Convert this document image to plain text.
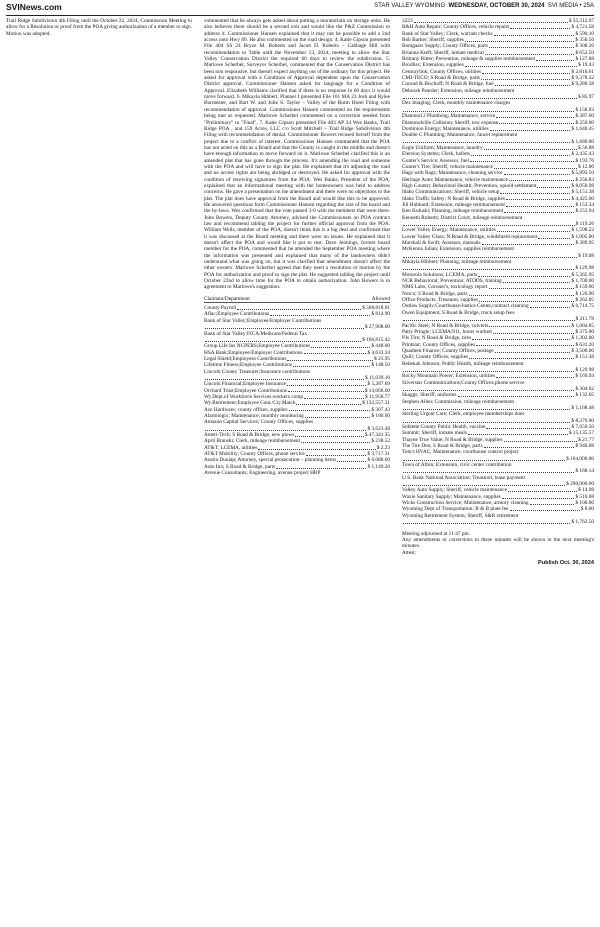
SVINews.com	STAR VALLEY WYOMING WEDNESDAY, OCTOBER 30, 2024 SVI MEDIA • 25A

Trail Ridge Subdivision 4th Filing until the October 22, 2024, Commission Meeting to allow for a Resolution or proof from the POA giving authorization of a member to sign. Motion was adopted.

commented that he always gets asked about putting a moratorium on storage units. He also believes there should be a second exit and would like the P&Z Commission to address it. Commissioner Hansen explained that it may not be possible to add a 2nd access onto Hwy 89. He also commented on the road design. 4. Katie Gipson presented File 404 SS 24 Bryce M. Roberts and Jacob D. Roberts – Cabbage Hill with recommendation to Table until the November 13, 2024, meeting to allow the Star Valley Conservation District the required 60 days to review the subdivision. 5. Marlowe Scherbel, Surveyor Scherbel, commented that the Conservation District has been non responsive, but doesn't expect anything out of the ordinary for this project. He asked for approval with a Condition of Approval dependent upon the Conservation District approval. Commissioner Hansen asked for language for a Condition of Approval. Elizabeth Williams clarified that if there is no response in 60 days it would move forward. 6. Mikayla Hibbert, Planner I presented File 101 MA 23 Josh and Rylee Burmester, and Bart W. and Julie S. Taylor – Valley of the Burm Hotel Filing with recommendation of approval. Commissioner Hansen commented on the requirements being met as requested. Marlowe Scherbel commented on a correction needed from "Preliminary" to "Final". 7. Katie Gipson presented File 403 AP 24 Wes Banks, Trail Ridge POA , and 159 Acres, LLC c/o Scott Mitchell – Trail Ridge Subdivision 4th Filing with recommendation of denial. Commissioner Bowers recused herself from the project due to a conflict of interest. Commissioner Hansen commented that the POA has not acted on this as a Board and that the County is caught in the middle and doesn't have enough information to move forward on it. Marlowe Scherbel clarified this is an amended plat that has gone through the process. It's amending the road and someone with the POA and will have to sign the plat. He explained that it's adjusting the road and no access rights are being abridged or destroyed. He asked for approval with the condition of receiving signatures from the POA. Wes Banks, President of the POA, explained that an informational meeting with the homeowners was held to address concerns. He gave a presentation on the amendment and there were no objections to the plat. The plat does have approval from the Board and would like this to be approved. He answered questions form Commissioner Hansen regarding the size of the board and the by-laws. Wes confirmed that the vote passed 3-0 with the members that were there. John Bowers, Deputy County Attorney, advised the Commissioners on POA contract law and recommend tabling the project for further official approval from the POA. William Wells, member of the POA, doesn't think this is a big deal and confirmed that it was discussed at the Board meeting and there were no issues. He explained that it doesn't affect the POA and would like it put to rest. Dave Jennings, former board member for the POA, commented that he attended the September POA meeting where the information was presented and explained that many of the landowners didn't understand what was going on, but it was clarified that amendment doesn't affect the other owners. Marlowe Scherbel agreed that they need a resolution or motion by the POA for authorization and proof to sign the plat. He suggested tabling the project until October 22nd to allow time for the POA to obtain authorization. John Bowers is in agreement to Marlowe's suggestion.

Claimant/Department	Allowed
County Payroll	$ 568,818.61
Aflac;Employee Contributions	$ 814.90
Bank of Star Valley;Employee/Employer Contributions
$ 27,908.00
Bank of Star Valley;FICA/Medicare/Federal Tax
$ 166,815.42
Group Life Ins NCPERS;Employee Contributions	$ 448.00
HSA Bank;Employee/Employer Contributions	$ 4,633.34
Legal Shield;Employees Contributions	$ 21.95
Lifetime Fitness;Employee Contributions	$ 148.50
Lincoln County Treasurer;Insurance contributions
$ 11,039.16
Lincoln Financial;Employee Insurance	$ 5,287.69
Orchard Trust;Employee Contributions	$ 13,066.00
Wy.Dept.of Workforce Services;workers comp	$ 11,958.77
Wy.Retirement;Employee Cont./Cty.Match	$ 132,557.31
Ace Hardware; county offices, supplies	$ 307.43
Alarmlogix; Maintenance, monthly monitoring	$ 180.00
Amazon Capital Services; County Offices, supplies
$ 3,623.48
Ameri-Tech; S Road & Bridge, new plows	$ 47,341.35
April Branski; Clerk, mileage reimbursement	$ 238.52
AT&T; LCEMA, utilities	$ 2.23
AT&T Mobility; County Offices, phone service	$ 3,717.31
Austin Dunlap; Attorney, special prosecution – planning items	$ 6,080.00
Auto Inn; S Road & Bridge, parts	$ 1,149.20
Avenue Consultants; Engineering, avenue project HRP
3223	$ 35,312.07
B&H Auto Repair; County Offices, vehicle repairs	$ 4,721.58
Bank of Star Valley; Clerk, warrant checks	$ 590.10
Bob Barker; Sheriff, supplies	$ 350.56
Bomgaars Supply; County Offices, parts	$ 308.26
Brianna Kreft; Sheriff, inmate medical	$ 652.50
Brittany Ritter; Prevention, mileage & supplies reimbursement	$ 127.88
Brodliss; Extension, supplies	$ 19.43
Centurylink; County Offices, utilities	$ 2,816.61
CMI-TECO; S Road & Bridge, parts	$ 9,378.32
Conrad & Bischoff; N Road & Bridge, fuel	$ 9,280.58
Deborah Pearder; Extension, mileage reimbursement
$ 85.97
Dex Imaging; Clerk, monthly maintenance charges
$ 158.83
Diamond 2 Plumbing; Maintenance, service	$ 387.00
Diamondville Collision; Sheriff, tow expense	$ 250.00
Dominion Energy; Maintenance, utilities	$ 1,640.45
Double C Plumbing; Maintenance, faucet replacement
$ 1,680.00
Eagle Uniform; Maintenance, laundry	$ 56.88
Election Systems; Clerk, ballots	$ 2,435.43
Gunter's Service; Assessor, fuel	$ 193.76
Gunter's Tire; Sheriff, vehicle maintenance	$ 12.00
Hags with Rags; Maintenance, cleaning service	$ 5,893.50
Heritage Auto; Maintenance, vehicle maintenance	$ 256.83
High Country Behavioral Health; Prevention, opioid settlement	$ 8,050.98
Idaho Communications; Sheriff, vehicle setup	$ 5,151.38
Idaho Traffic Safety; N Road & Bridge, supplies	$ 4,425.00
Jill Hubbard; Extension, mileage reimbursement	$ 153.34
Ken Kuluski; Planning, mileage reimbursement	$ 253.94
Kenneth Roberts; District Court, mileage reimbursement
$ 119.26
Lower Valley Energy; Maintenance, utilities	$ 1,598.22
Lower Valley Glass; N Road & Bridge, windshield replacement	$ 1,005.00
Marshall & Swift; Assessor, manuals	$ 389.95
McKenna Julian; Extension, supplies reimbursement
$ 19.08
Mikayla Hibbert; Planning, mileage reimbursement
$ 129.98
Motorola Solutions; LCEMA, parts	$ 5,365.95
NCR Behavioral; Prevention; ATODS, training	$ 1,700.00
NMS Labs; Coroner's, toxicology report	$ 159.00
Norco; S Road & Bridge, parts	$ 126.90
Office Products; Treasurer, supplies	$ 262.05
Outlaw Supply;Courthouse/Justice Center,contract cleaning	$ 6,714.75
Owen Equipment; S Road & Bridge, truck setup fees
$ 211.78
Pacific Steel; N Road & Bridge, culverts	$ 1,004.85
Patty Pringle; LCEMA/911, hours worked	$ 375.00
PJs Tire; N Road & Bridge, tires	$ 1,302.00
Printstar; County Offices, supplies	$ 631.20
Quadient Finance; County Offices, postage	$ 3,500.00
Quill; County Offices, supplies	$ 151.38
Rebekah Johnson; Public Health, mileage reimbursement
$ 129.98
Rocky Mountain Power; Extension, utilities	$ 169.94
Silverstar Communications;County Offices,phone service
$ 304.62
Skaggs; Sheriff, uniforms	$ 132.65
Stephen Allen; Commission, mileage reimbursement
$ 1,168.48
Sterling Urgent Care; Clerk, employee memberships dues
$ 8,370.00
Sublette County Public Health, vaccine	$ 7,050.50
Summit; Sheriff, inmate meals	$ 15,135.57
Thayne True Value; N Road & Bridge, supplies	$ 21.77
The Tire Den; S Road & Bridge, parts	$ 946.08
Tom's HVAC; Maintenance, courthouse control project
$ 104,000.00
Town of Afton; Extension, civic center contribution
$ 168.14
U.S. Bank National Association; Treasurer, lease payment
$ 290,000.00
Valley Auto Supply; Sheriff, vehicle maintenance	$ 14.98
Waxie Sanitary Supply; Maintenance, supplies	$ 516.68
Wicks Construction Service; Maintenance, armory cleaning	$ 100.00
Wyoming Dept of Transportation; R & B plate fee	$ 8.00
Wyoming Retirement System; Sheriff, S&R retirement
$ 1,762.50

Meeting adjourned at 11:47 pm.

Any amendments or corrections to these minutes will be shown in the next meeting's minutes.

Attest:

Publish Oct. 30, 2024
